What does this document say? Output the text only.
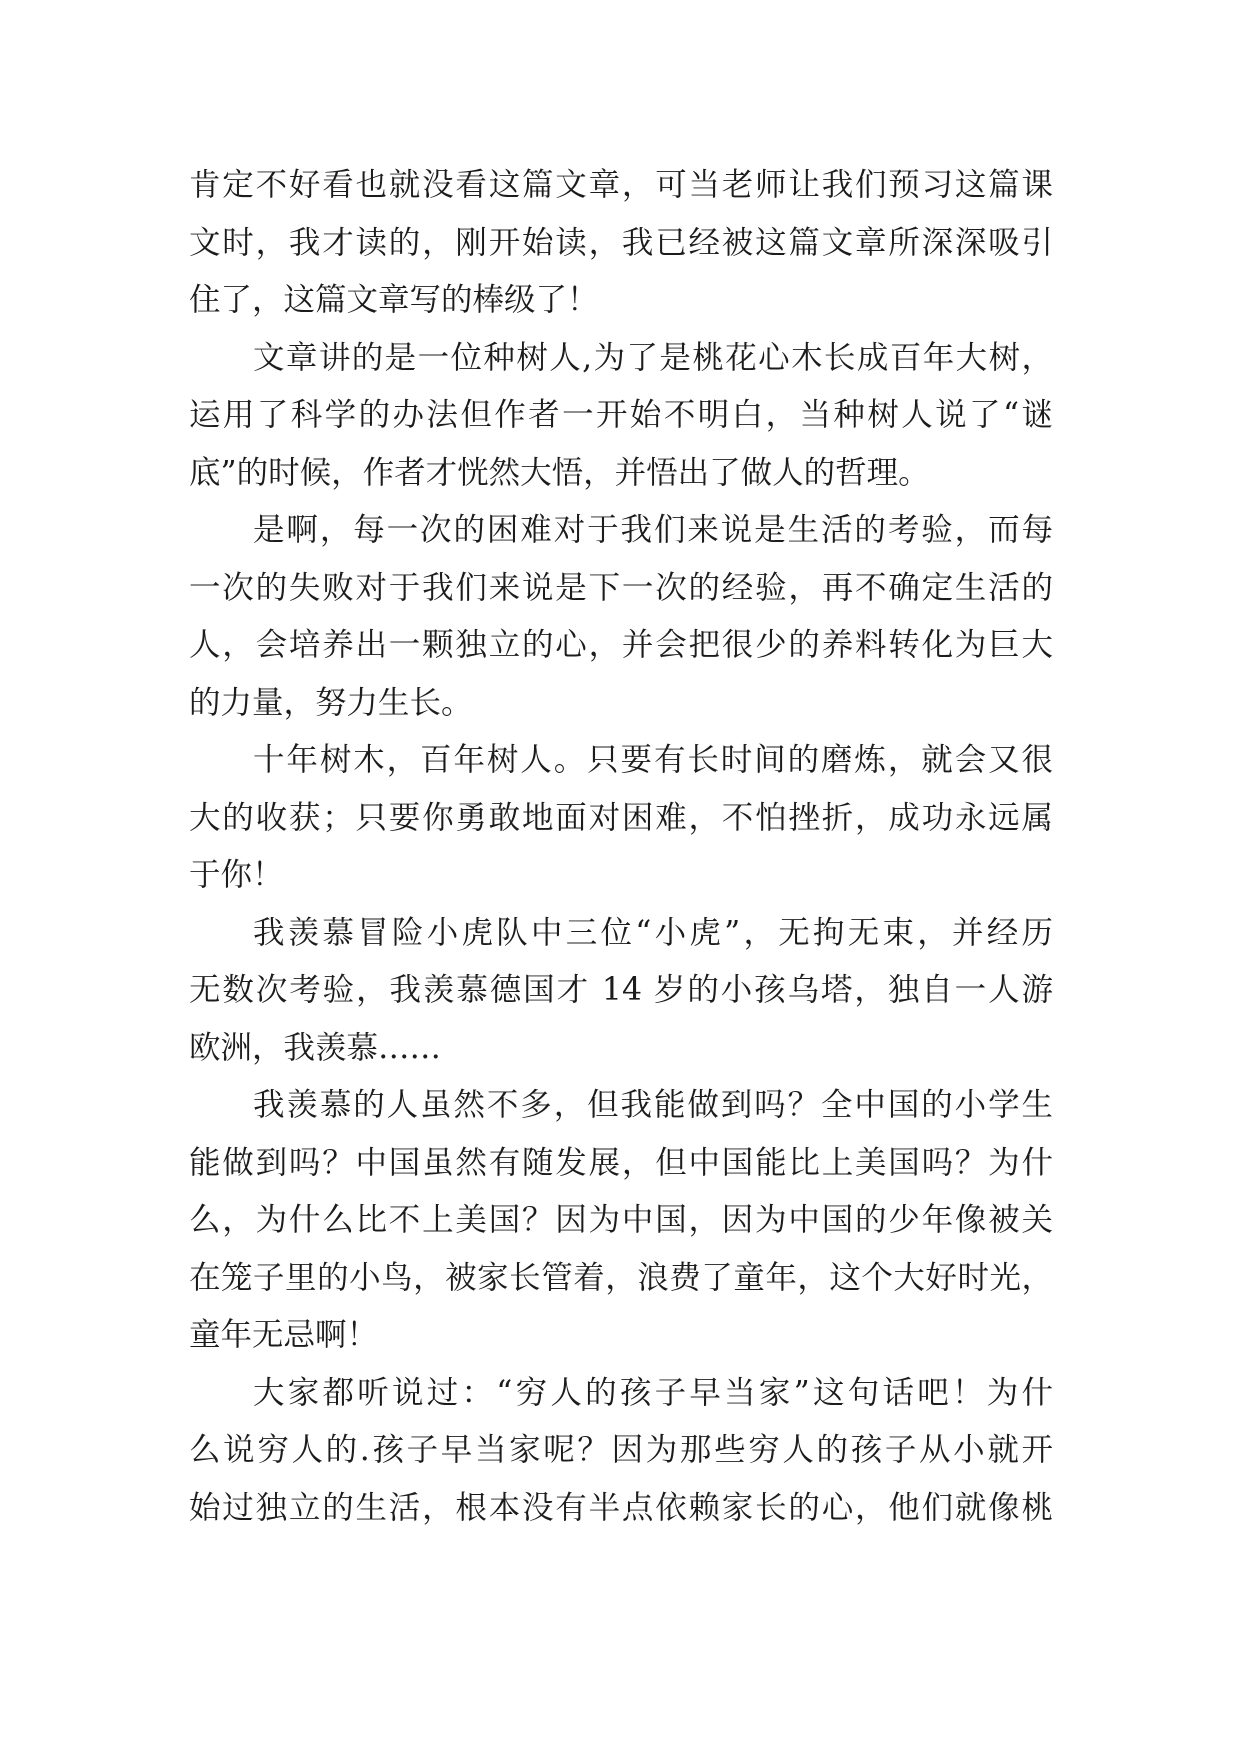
肯定不好看也就没看这篇文章，可当老师让我们预习这篇课
文时，我才读的，刚开始读，我已经被这篇文章所深深吸引
住了，这篇文章写的棒级了！
文章讲的是一位种树人,为了是桃花心木长成百年大树，
运用了科学的办法但作者一开始不明白，当种树人说了“谜
底”的时候，作者才恍然大悟，并悟出了做人的哲理。
是啊，每一次的困难对于我们来说是生活的考验，而每
一次的失败对于我们来说是下一次的经验，再不确定生活的
人，会培养出一颗独立的心，并会把很少的养料转化为巨大
的力量，努力生长。
十年树木，百年树人。只要有长时间的磨炼，就会又很
大的收获；只要你勇敢地面对困难，不怕挫折，成功永远属
于你！
我羡慕冒险小虎队中三位“小虎”，无拘无束，并经历
无数次考验，我羡慕德国才 14 岁的小孩乌塔，独自一人游
欧洲，我羡慕……
我羡慕的人虽然不多，但我能做到吗？全中国的小学生
能做到吗？中国虽然有随发展，但中国能比上美国吗？为什
么，为什么比不上美国？因为中国，因为中国的少年像被关
在笼子里的小鸟，被家长管着，浪费了童年，这个大好时光，
童年无忌啊！
大家都听说过：“穷人的孩子早当家”这句话吧！为什
么说穷人的.孩子早当家呢？因为那些穷人的孩子从小就开
始过独立的生活，根本没有半点依赖家长的心，他们就像桃
